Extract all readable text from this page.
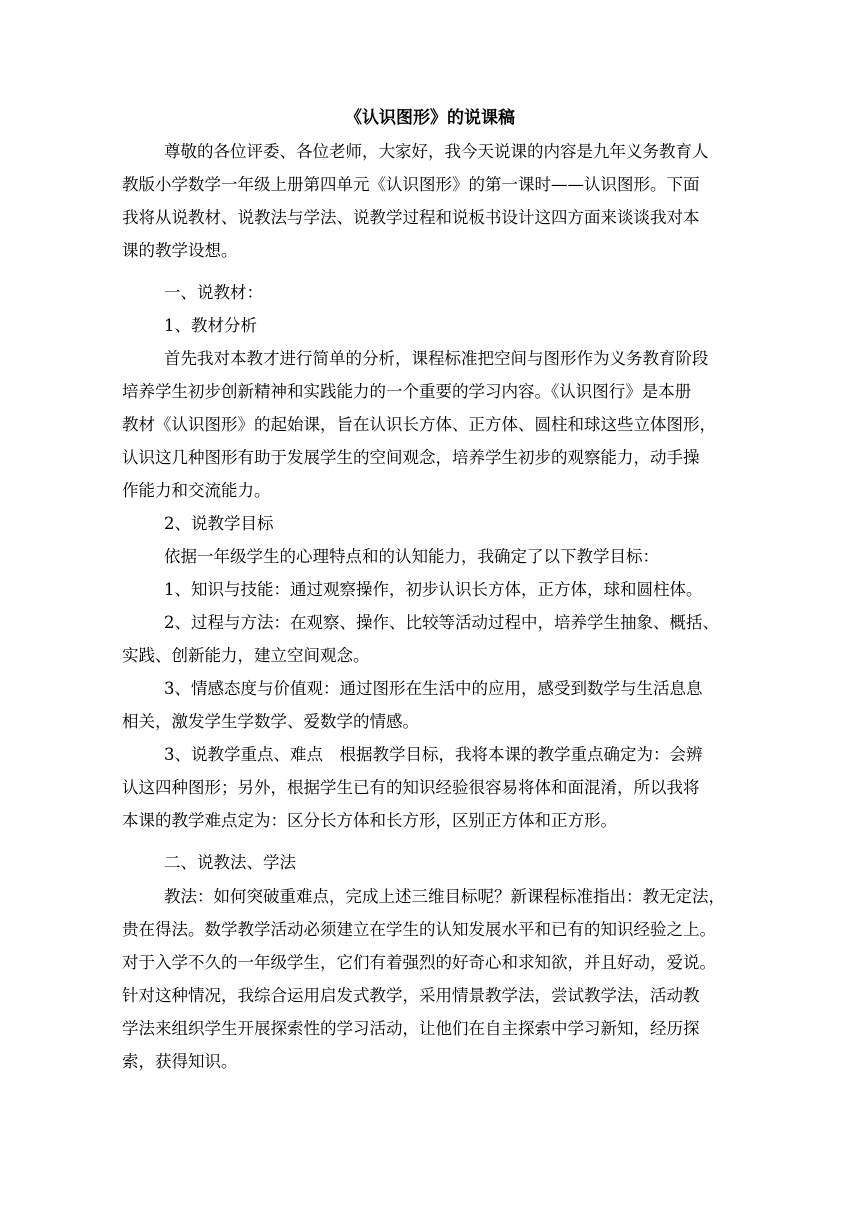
《认识图形》的说课稿
尊敬的各位评委、各位老师，大家好，我今天说课的内容是九年义务教育人
教版小学数学一年级上册第四单元《认识图形》的第一课时——认识图形。下面
我将从说教材、说教法与学法、说教学过程和说板书设计这四方面来谈谈我对本
课的教学设想。
一、说教材：
1、教材分析
首先我对本教才进行简单的分析，课程标准把空间与图形作为义务教育阶段
培养学生初步创新精神和实践能力的一个重要的学习内容。《认识图行》是本册
教材《认识图形》的起始课，旨在认识长方体、正方体、圆柱和球这些立体图形，
认识这几种图形有助于发展学生的空间观念，培养学生初步的观察能力，动手操
作能力和交流能力。
2、说教学目标
依据一年级学生的心理特点和的认知能力，我确定了以下教学目标：
1、知识与技能：通过观察操作，初步认识长方体，正方体，球和圆柱体。
2、过程与方法：在观察、操作、比较等活动过程中，培养学生抽象、概括、
实践、创新能力，建立空间观念。
3、情感态度与价值观：通过图形在生活中的应用，感受到数学与生活息息
相关，激发学生学数学、爱数学的情感。
3、说教学重点、难点　根据教学目标，我将本课的教学重点确定为：会辨
认这四种图形；另外，根据学生已有的知识经验很容易将体和面混淆，所以我将
本课的教学难点定为：区分长方体和长方形，区别正方体和正方形。
二、说教法、学法
教法：如何突破重难点，完成上述三维目标呢？新课程标准指出：教无定法，
贵在得法。数学教学活动必须建立在学生的认知发展水平和已有的知识经验之上。
对于入学不久的一年级学生，它们有着强烈的好奇心和求知欲，并且好动，爱说。
针对这种情况，我综合运用启发式教学，采用情景教学法，尝试教学法，活动教
学法来组织学生开展探索性的学习活动，让他们在自主探索中学习新知，经历探
索，获得知识。
